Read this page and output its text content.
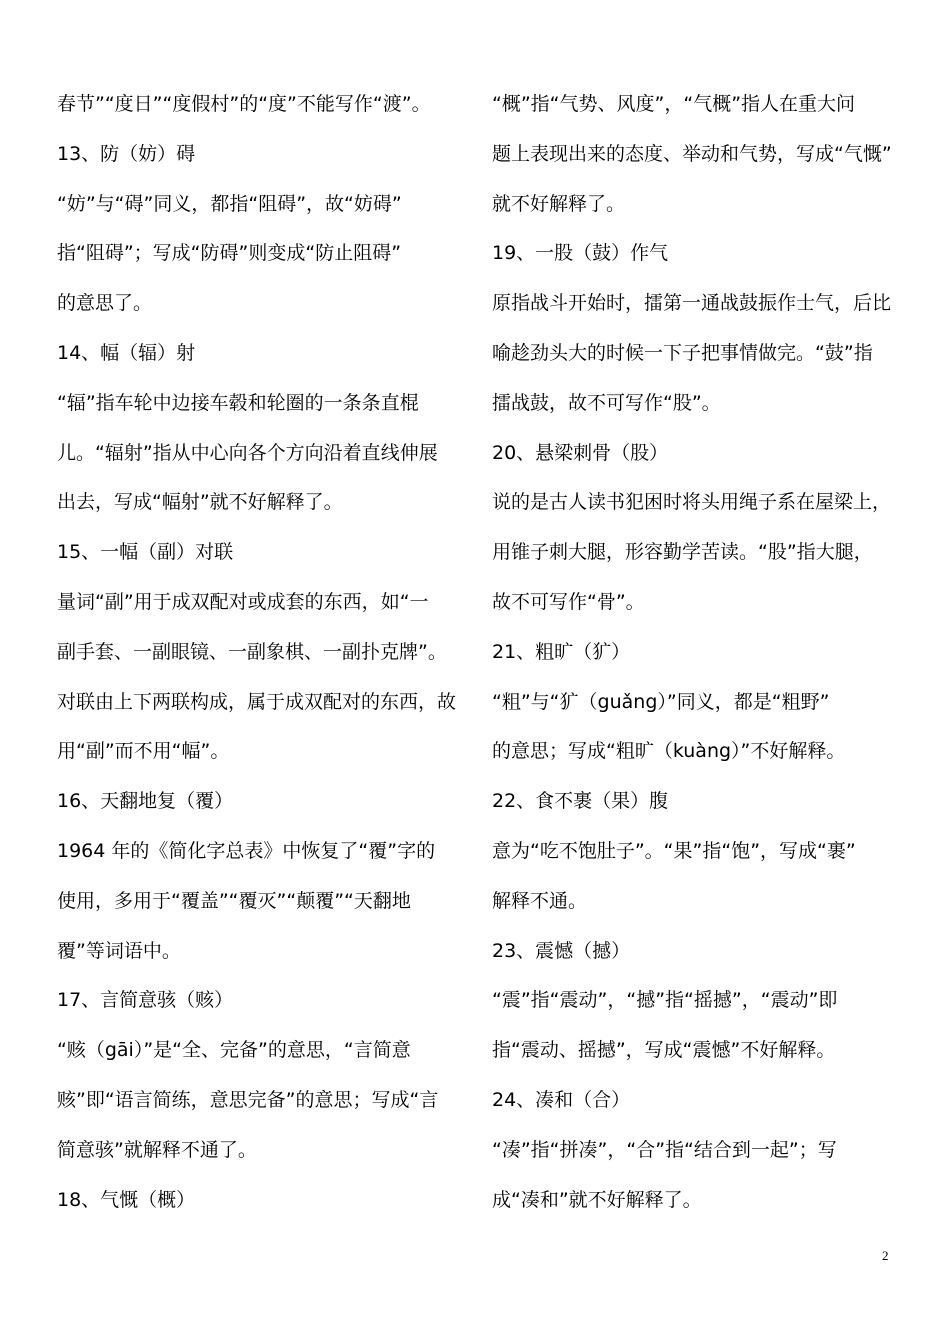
春节”“度日”“度假村”的“度”不能写作“渡”。
13、防（妨）碍
“妨”与“碍”同义，都指“阻碍”，故“妨碍”
指“阻碍”；写成“防碍”则变成“防止阻碍”
的意思了。
14、幅（辐）射
“辐”指车轮中边接车毂和轮圈的一条条直棍
儿。“辐射”指从中心向各个方向沿着直线伸展
出去，写成“幅射”就不好解释了。
15、一幅（副）对联
量词“副”用于成双配对或成套的东西，如“一
副手套、一副眼镜、一副象棋、一副扑克牌”。
对联由上下两联构成，属于成双配对的东西，故
用“副”而不用“幅”。
16、天翻地复（覆）
1964 年的《简化字总表》中恢复了“覆”字的
使用，多用于“覆盖”“覆灭”“颠覆”“天翻地
覆”等词语中。
17、言简意骇（赅）
“赅（gāi）”是“全、完备”的意思，“言简意
赅”即“语言简练，意思完备”的意思；写成“言
简意骇”就解释不通了。
18、气慨（概）
“概”指“气势、风度”，“气概”指人在重大问
题上表现出来的态度、举动和气势，写成“气慨”
就不好解释了。
19、一股（鼓）作气
原指战斗开始时，擂第一通战鼓振作士气，后比
喻趁劲头大的时候一下子把事情做完。“鼓”指
擂战鼓，故不可写作“股”。
20、悬梁刺骨（股）
说的是古人读书犯困时将头用绳子系在屋梁上，
用锥子刺大腿，形容勤学苦读。“股”指大腿，
故不可写作“骨”。
21、粗旷（犷）
“粗”与“犷（guǎng）”同义，都是“粗野”
的意思；写成“粗旷（kuàng）”不好解释。
22、食不裹（果）腹
意为“吃不饱肚子”。“果”指“饱”，写成“裹”
解释不通。
23、震憾（撼）
“震”指“震动”，“撼”指“摇撼”，“震动”即
指“震动、摇撼”，写成“震憾”不好解释。
24、凑和（合）
“凑”指“拼凑”，“合”指“结合到一起”；写
成“凑和”就不好解释了。
2
